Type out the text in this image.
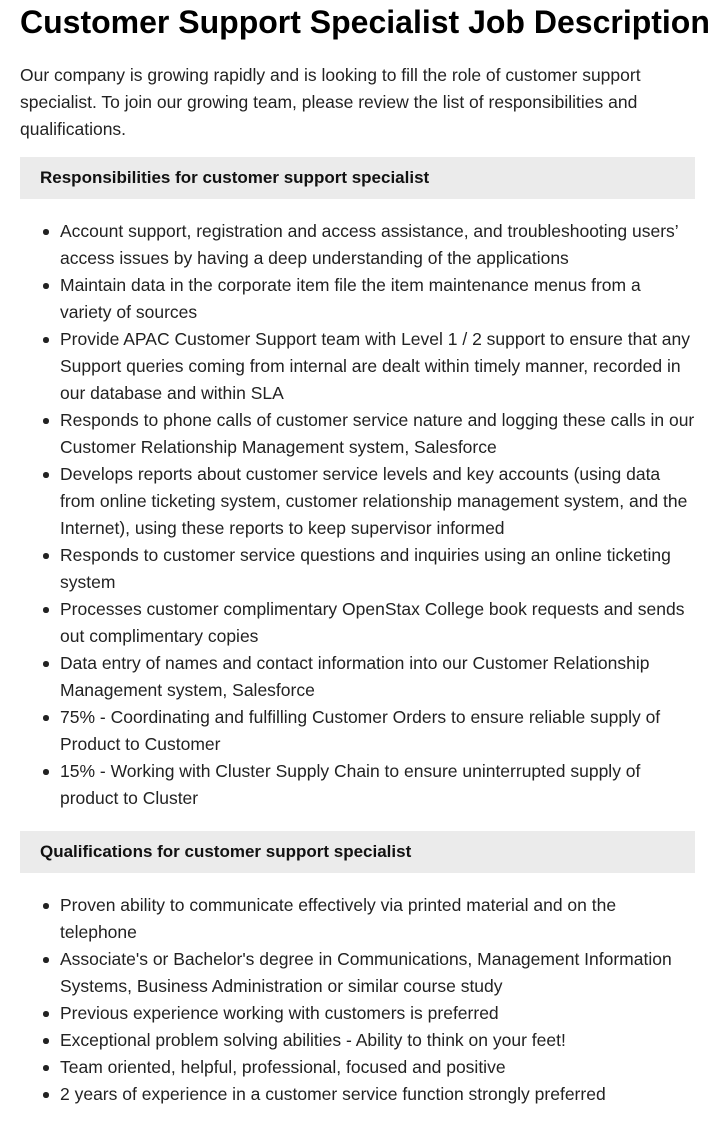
Customer Support Specialist Job Description

Our company is growing rapidly and is looking to fill the role of customer support specialist. To join our growing team, please review the list of responsibilities and qualifications.

Responsibilities for customer support specialist
Account support, registration and access assistance, and troubleshooting users’ access issues by having a deep understanding of the applications
Maintain data in the corporate item file the item maintenance menus from a variety of sources
Provide APAC Customer Support team with Level 1 / 2 support to ensure that any Support queries coming from internal are dealt within timely manner, recorded in our database and within SLA
Responds to phone calls of customer service nature and logging these calls in our Customer Relationship Management system, Salesforce
Develops reports about customer service levels and key accounts (using data from online ticketing system, customer relationship management system, and the Internet), using these reports to keep supervisor informed
Responds to customer service questions and inquiries using an online ticketing system
Processes customer complimentary OpenStax College book requests and sends out complimentary copies
Data entry of names and contact information into our Customer Relationship Management system, Salesforce
75% - Coordinating and fulfilling Customer Orders to ensure reliable supply of Product to Customer
15% - Working with Cluster Supply Chain to ensure uninterrupted supply of product to Cluster
Qualifications for customer support specialist
Proven ability to communicate effectively via printed material and on the telephone
Associate's or Bachelor's degree in Communications, Management Information Systems, Business Administration or similar course study
Previous experience working with customers is preferred
Exceptional problem solving abilities - Ability to think on your feet!
Team oriented, helpful, professional, focused and positive
2 years of experience in a customer service function strongly preferred
